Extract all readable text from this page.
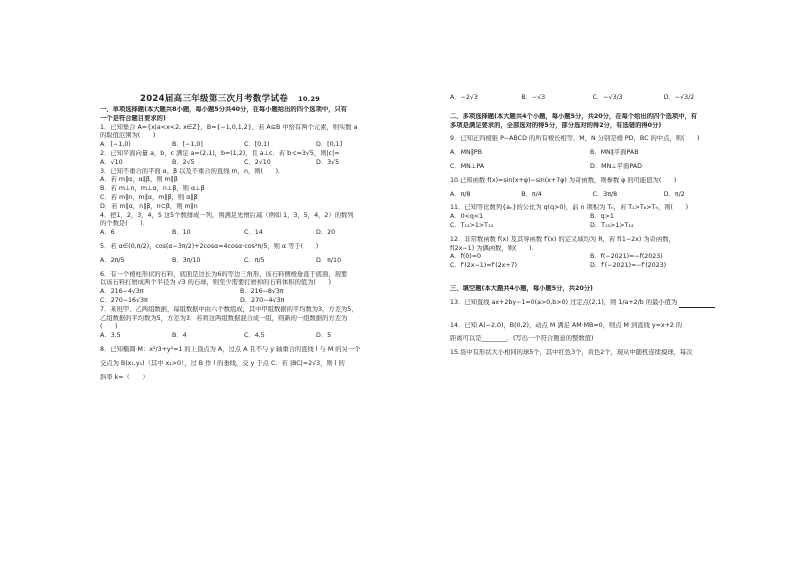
2024届高三年级第三次月考数学试卷 10.29
一、单项选择题(本大题共8小题，每小题5分共40分，在每小题给出的四个选项中，只有
一个是符合题目要求的)
1．已知集合 A={x|a<x<2, x∈Z}，B={−1,0,1,2}，若 A⊆B 中恰有两个元素，则实数 a
的取值范围为(　　)
A．[−1,0)	B．[−1,0]	C．[0,1)	D．[0,1]
2．已知平面向量 a，b，c 满足 a=(2,1)，b=(1,2)，且 a⊥c．若 b·c=3√5，则|c|=
A．√10	B．2√5	C．2√10	D．3√5
3．已知不重合的平面 α，β 以及不重合的直线 m，n，则(　　)．
A．若 m∥α，α∥β，则 m∥β
B．若 m⊥n，m⊥α，n⊥β，则 α⊥β
C．若 m∥n，m∥α，m∥β，则 α∥β
D．若 m∥α，n∥β，n⊂β，则 m∥n
4．把1，2，3，4，5 这5个数排成一列，则满足先增后减（例如 1，3，5，4，2）的数列
的个数是(　　)．
A．6	B．10	C．14	D．20
5．若 α∈(0,π/2)，cos(α−3π/2)+2cosα=4cosα·cos²π/5，则 α 等于(　　)
A．2π/5	B．3π/10	C．π/5	D．π/10
6．有一个棱柱形状的石料，底面是边长为6的等边三角形，该石料侧棱垂直于底面，现要
以该石料打磨成两个半径为 √3 的石球，则至少需要打磨掉的石料体积的值为(　　)
A．216−4√3π	B．216−8√3π
C．270−16√3π	D．270−4√3π
7．某班甲、乙两组数据，每组数据中由六个数组成，其中甲组数据的平均数为3，方差为5，
乙组数据的平均数为5，方差为3．若将这两组数据混合成一组，则新的一组数据的方差为
(　　)
A．3.5	B．4	C．4.5	D．5
8．已知椭圆 M：x²/3+y²=1 的上顶点为 A，过点 A 且不与 y 轴重合的直线 l 与 M 的另一个
交点为 B(x₁,y₁)（其中 x₁>0），过 B 作 l 的垂线，交 y 于点 C．若 |BC|=2√3，则 l 的
斜率 k=（　　）
A．−2√3	B．−√3	C．−√3/3	D．−√3/2
二、多项选择题(本大题共4个小题，每小题5分，共20分，在每个给出的四个选项中，有
多项是满足要求的，全部选对的得5分，部分选对的得2分，有选错的得0分)
9．已知正四棱锥 P−ABCD 的所有棱长相等，M，N 分别是棱 PD，BC 的中点，则(　　)
A．MN∥PB	B．MN∥平面PAB
C．MN⊥PA	D．MN⊥平面PAD
10.已知函数 f(x)=sin(x+φ)−sin(x+7φ) 为奇函数，则参数 φ 的可能值为(　　)
A．π/8	B．π/4	C．3π/8	D．π/2
11．已知等比数列{aₙ}的公比为 q(q>0)，前 n 项积为 Tₙ，若 T₁>T₈>T₉，则(　　)
A．0<q<1	B．q>1
C．T₁₂>1>T₁₃	D．T₁₃>1>T₁₄
12．非常数函数 f(x) 及其导函数 f′(x) 的定义域均为 R，若 f(1−2x) 为奇函数，
f(2x−1) 为偶函数，则(　　)．
A．f(0)=0	B．f(−2021)=−f(2023)
C．f′(2x−1)=f′(2x+7)	D．f′(−2021)=−f′(2023)
三、填空题(本大题共4小题，每小题5分，共20分)
13．已知直线 ax+2by−1=0(a>0,b>0) 过定点(2,1)，则 1/a+2/b 的最小值为
14．已知 A(−2,0)，B(0,2)，动点 M 满足 AM·MB=0，则点 M 到直线 y=x+2 的
距离可以是________．(写出一个符合题意的整数值)
15.袋中有形状大小相同的球5个，其中红色3个，黄色2个，现从中随机连续摸球，每次
